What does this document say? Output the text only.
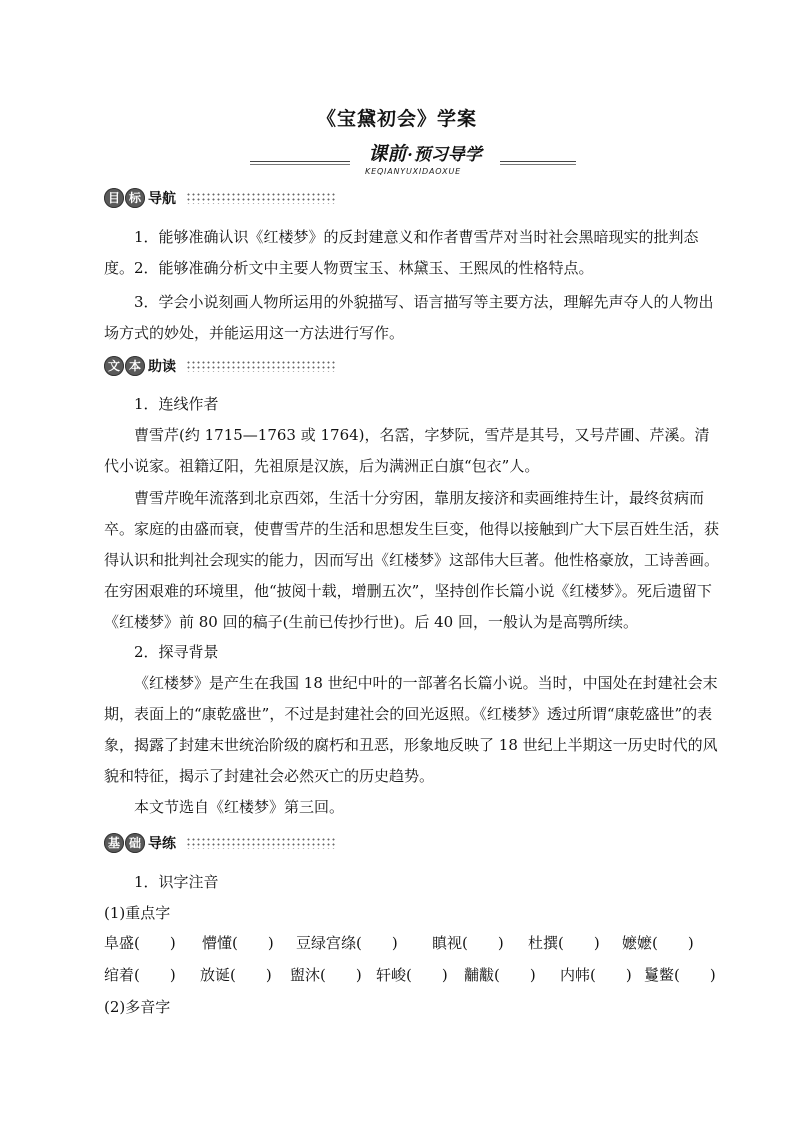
《宝黛初会》学案
课前·预习导学
KEQIANYUXIDAOXUE
目 标 导航

1．能够准确认识《红楼梦》的反封建意义和作者曹雪芹对当时社会黑暗现实的批判态度。 2．能够准确分析文中主要人物贾宝玉、林黛玉、王熙凤的性格特点。

3．学会小说刻画人物所运用的外貌描写、语言描写等主要方法，理解先声夺人的人物出场方式的妙处，并能运用这一方法进行写作。

文 本 助读

1．连线作者

曹雪芹(约 1715—1763 或 1764)，名霑，字梦阮，雪芹是其号，又号芹圃、芹溪。清代小说家。祖籍辽阳，先祖原是汉族，后为满洲正白旗“包衣”人。

曹雪芹晚年流落到北京西郊，生活十分穷困，靠朋友接济和卖画维持生计，最终贫病而卒。家庭的由盛而衰，使曹雪芹的生活和思想发生巨变，他得以接触到广大下层百姓生活，获得认识和批判社会现实的能力，因而写出《红楼梦》这部伟大巨著。他性格豪放，工诗善画。在穷困艰难的环境里，他“披阅十载，增删五次”，坚持创作长篇小说《红楼梦》。死后遗留下《红楼梦》前 80 回的稿子(生前已传抄行世)。后 40 回，一般认为是高鹗所续。

2．探寻背景

《红楼梦》是产生在我国 18 世纪中叶的一部著名长篇小说。当时，中国处在封建社会末期，表面上的“康乾盛世”，不过是封建社会的回光返照。《红楼梦》透过所谓“康乾盛世”的表象，揭露了封建末世统治阶级的腐朽和丑恶，形象地反映了 18 世纪上半期这一历史时代的风貌和特征，揭示了封建社会必然灭亡的历史趋势。

本文节选自《红楼梦》第三回。

基 础 导练

1．识字注音

(1)重点字

阜盛(　　) 懵懂(　　) 豆绿宫绦(　　) 瞋视(　　) 杜撰(　　) 嬷嬷(　　)
绾着(　　) 放诞(　　) 盥沐(　　) 轩峻(　　) 黼黻(　　) 内帏(　　) 鬘鳖(　　)

(2)多音字
